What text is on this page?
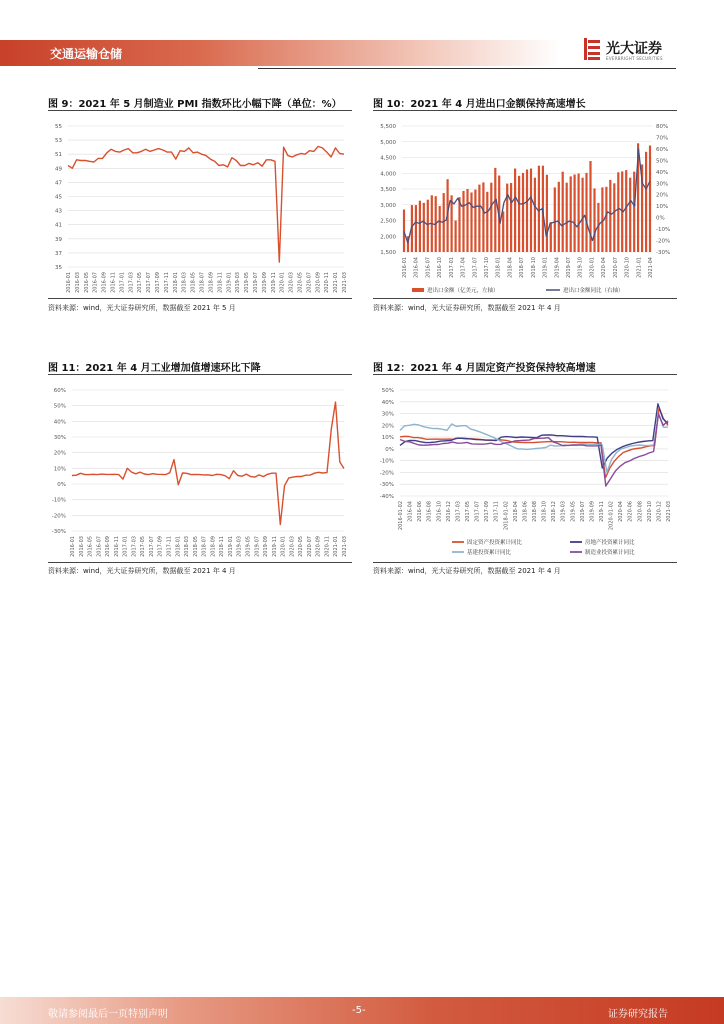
交通运输仓储	光大证券
EVERBRIGHT SECURITIES
图 9：2021 年 5 月制造业 PMI 指数环比小幅下降（单位：%）
35
37
39
41
43
45
47
49
51
53
55
2016-01 2016-03 2016-05 2016-07 2016-09 2016-11 2017-01 2017-03 2017-05 2017-07 2017-09 2017-11 2018-01 2018-03 2018-05 2018-07 2018-09 2018-11 2019-01 2019-03 2019-05 2019-07 2019-09 2019-11 2020-01 2020-03 2020-05 2020-07 2020-09 2020-11 2021-01 2021-03
资料来源：wind，光大证券研究所，数据截至 2021 年 5 月
图 10：2021 年 4 月进出口金额保持高速增长
1,500
2,000
2,500
3,000
3,500
4,000
4,500
5,000
5,500
-30%
-20%
-10%
0%
10%
20%
30%
40%
50%
60%
70%
80%
2016-01 2016-04 2016-07 2016-10 2017-01 2017-04 2017-07 2017-10 2018-01 2018-04 2018-07 2018-10 2019-01 2019-04 2019-07 2019-10 2020-01 2020-04 2020-07 2020-10 2021-01 2021-04
进出口金额（亿美元，左轴）	进出口金额同比（右轴）
资料来源：wind，光大证券研究所，数据截至 2021 年 4 月
图 11：2021 年 4 月工业增加值增速环比下降
-30%
-20%
-10%
0%
10%
20%
30%
40%
50%
60%
2016-01 2016-03 2016-05 2016-07 2016-09 2016-11 2017-01 2017-03 2017-05 2017-07 2017-09 2017-11 2018-01 2018-03 2018-05 2018-07 2018-09 2018-11 2019-01 2019-03 2019-05 2019-07 2019-09 2019-11 2020-01 2020-03 2020-05 2020-07 2020-09 2020-11 2021-01 2021-03
资料来源：wind，光大证券研究所，数据截至 2021 年 4 月
图 12：2021 年 4 月固定资产投资保持较高增速
-40%
-30%
-20%
-10%
0%
10%
20%
30%
40%
50%
2016-01-02 2016-04 2016-06 2016-08 2016-10 2016-12 2017-03 2017-05 2017-07 2017-09 2017-11 2018-01-02 2018-04 2018-06 2018-08 2018-10 2018-12 2019-03 2019-05 2019-07 2019-09 2019-11 2020-01-02 2020-04 2020-06 2020-08 2020-10 2020-12 2021-03
固定资产投资累计同比	房地产投资累计同比
基建投资累计同比	制造业投资累计同比
资料来源：wind，光大证券研究所，数据截至 2021 年 4 月
敬请参阅最后一页特别声明	-5-	证券研究报告
